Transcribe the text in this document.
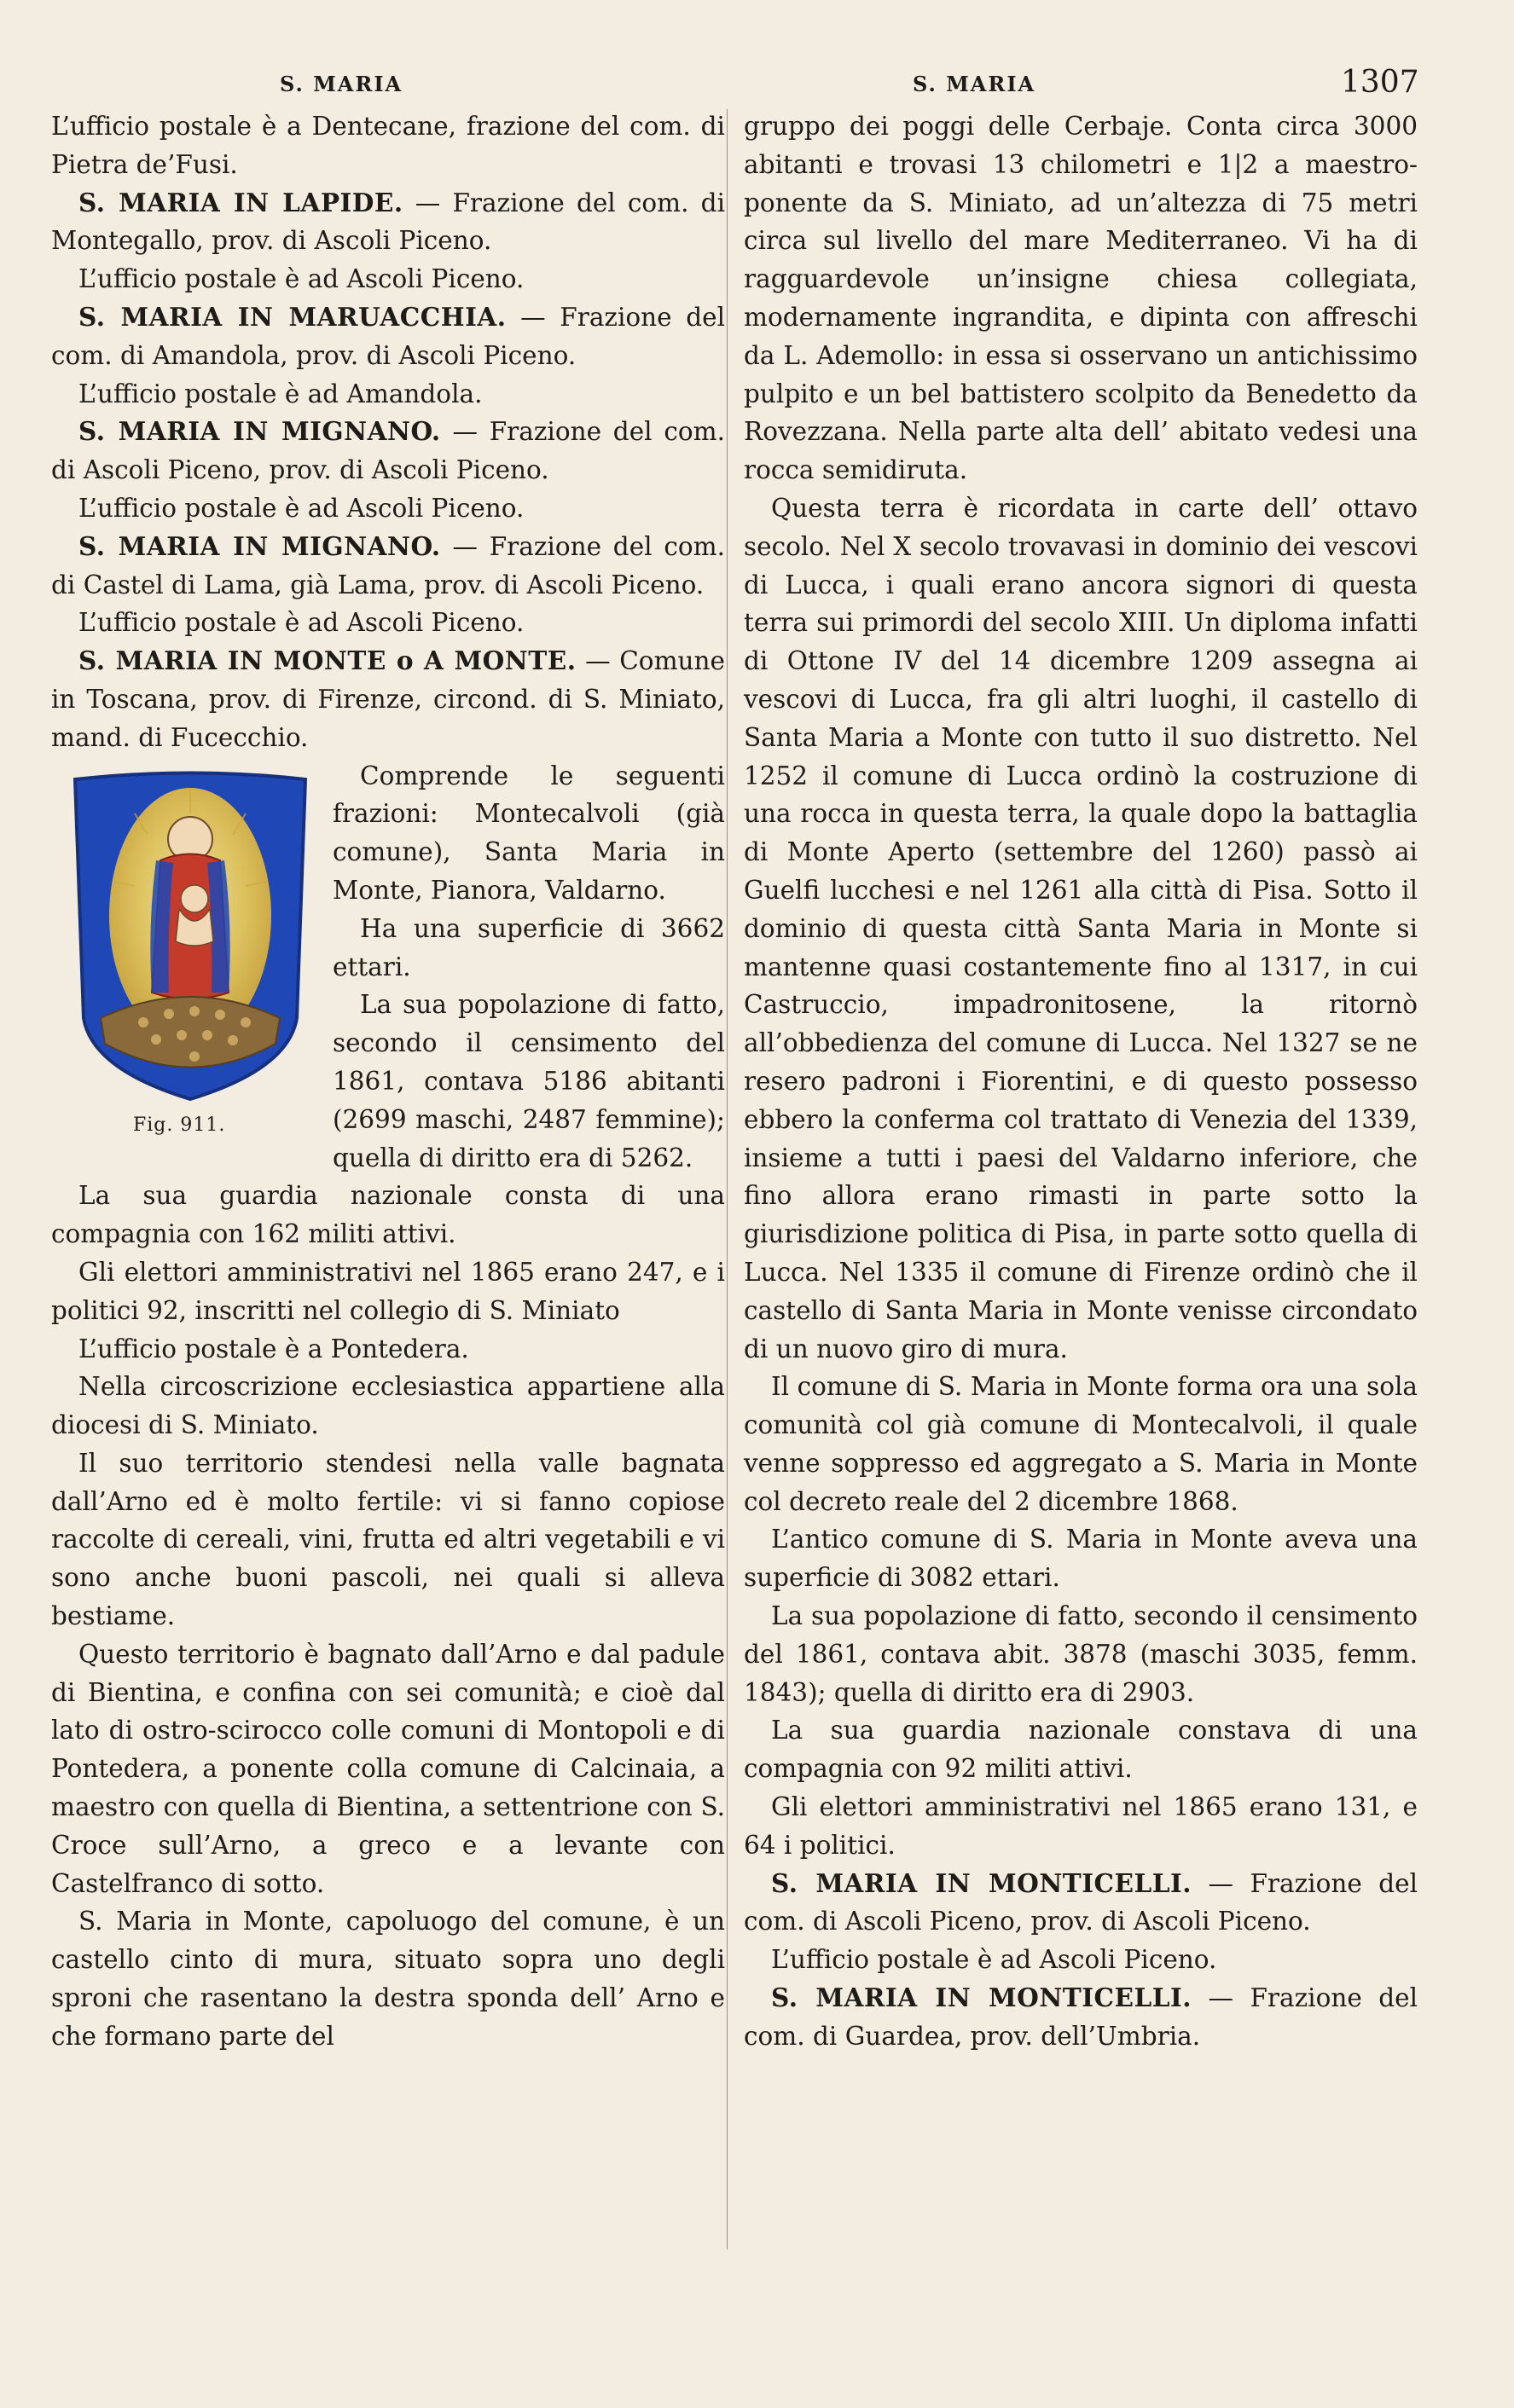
S. MARIA	S. MARIA	1307

L’ufficio postale è a Dentecane, frazione del com. di Pietra de’Fusi.

S. MARIA IN LAPIDE. — Frazione del com. di Montegallo, prov. di Ascoli Piceno.

L’ufficio postale è ad Ascoli Piceno.

S. MARIA IN MARUACCHIA. — Frazione del com. di Amandola, prov. di Ascoli Piceno.

L’ufficio postale è ad Amandola.

S. MARIA IN MIGNANO. — Frazione del com. di Ascoli Piceno, prov. di Ascoli Piceno.

L’ufficio postale è ad Ascoli Piceno.

S. MARIA IN MIGNANO. — Frazione del com. di Castel di Lama, già Lama, prov. di Ascoli Piceno.

L’ufficio postale è ad Ascoli Piceno.

S. MARIA IN MONTE o A MONTE. — Comune in Toscana, prov. di Firenze, circond. di S. Miniato, mand. di Fucecchio.

Fig. 911.

Comprende le seguenti frazioni: Montecalvoli (già comune), Santa Maria in Monte, Pianora, Valdarno.

Ha una superficie di 3662 ettari.

La sua popolazione di fatto, secondo il censimento del 1861, contava 5186 abitanti (2699 maschi, 2487 femmine); quella di diritto era di 5262.

La sua guardia nazionale consta di una compagnia con 162 militi attivi.

Gli elettori amministrativi nel 1865 erano 247, e i politici 92, inscritti nel collegio di S. Miniato

L’ufficio postale è a Pontedera.

Nella circoscrizione ecclesiastica appartiene alla diocesi di S. Miniato.

Il suo territorio stendesi nella valle bagnata dall’Arno ed è molto fertile: vi si fanno copiose raccolte di cereali, vini, frutta ed altri vegetabili e vi sono anche buoni pascoli, nei quali si alleva bestiame.

Questo territorio è bagnato dall’Arno e dal padule di Bientina, e confina con sei comunità; e cioè dal lato di ostro-scirocco colle comuni di Montopoli e di Pontedera, a ponente colla comune di Calcinaia, a maestro con quella di Bientina, a settentrione con S. Croce sull’Arno, a greco e a levante con Castelfranco di sotto.

S. Maria in Monte, capoluogo del comune, è un castello cinto di mura, situato sopra uno degli sproni che rasentano la destra sponda dell’ Arno e che formano parte del

gruppo dei poggi delle Cerbaje. Conta circa 3000 abitanti e trovasi 13 chilometri e 1|2 a maestro-ponente da S. Miniato, ad un’altezza di 75 metri circa sul livello del mare Mediterraneo. Vi ha di ragguardevole un’insigne chiesa collegiata, modernamente ingrandita, e dipinta con affreschi da L. Ademollo: in essa si osservano un antichissimo pulpito e un bel battistero scolpito da Benedetto da Rovezzana. Nella parte alta dell’ abitato vedesi una rocca semidiruta.

Questa terra è ricordata in carte dell’ ottavo secolo. Nel X secolo trovavasi in dominio dei vescovi di Lucca, i quali erano ancora signori di questa terra sui primordi del secolo XIII. Un diploma infatti di Ottone IV del 14 dicembre 1209 assegna ai vescovi di Lucca, fra gli altri luoghi, il castello di Santa Maria a Monte con tutto il suo distretto. Nel 1252 il comune di Lucca ordinò la costruzione di una rocca in questa terra, la quale dopo la battaglia di Monte Aperto (settembre del 1260) passò ai Guelfi lucchesi e nel 1261 alla città di Pisa. Sotto il dominio di questa città Santa Maria in Monte si mantenne quasi costantemente fino al 1317, in cui Castruccio, impadronitosene, la ritornò all’obbedienza del comune di Lucca. Nel 1327 se ne resero padroni i Fiorentini, e di questo possesso ebbero la conferma col trattato di Venezia del 1339, insieme a tutti i paesi del Valdarno inferiore, che fino allora erano rimasti in parte sotto la giurisdizione politica di Pisa, in parte sotto quella di Lucca. Nel 1335 il comune di Firenze ordinò che il castello di Santa Maria in Monte venisse circondato di un nuovo giro di mura.

Il comune di S. Maria in Monte forma ora una sola comunità col già comune di Montecalvoli, il quale venne soppresso ed aggregato a S. Maria in Monte col decreto reale del 2 dicembre 1868.

L’antico comune di S. Maria in Monte aveva una superficie di 3082 ettari.

La sua popolazione di fatto, secondo il censimento del 1861, contava abit. 3878 (maschi 3035, femm. 1843); quella di diritto era di 2903.

La sua guardia nazionale constava di una compagnia con 92 militi attivi.

Gli elettori amministrativi nel 1865 erano 131, e 64 i politici.

S. MARIA IN MONTICELLI. — Frazione del com. di Ascoli Piceno, prov. di Ascoli Piceno.

L’ufficio postale è ad Ascoli Piceno.

S. MARIA IN MONTICELLI. — Frazione del com. di Guardea, prov. dell’Umbria.
